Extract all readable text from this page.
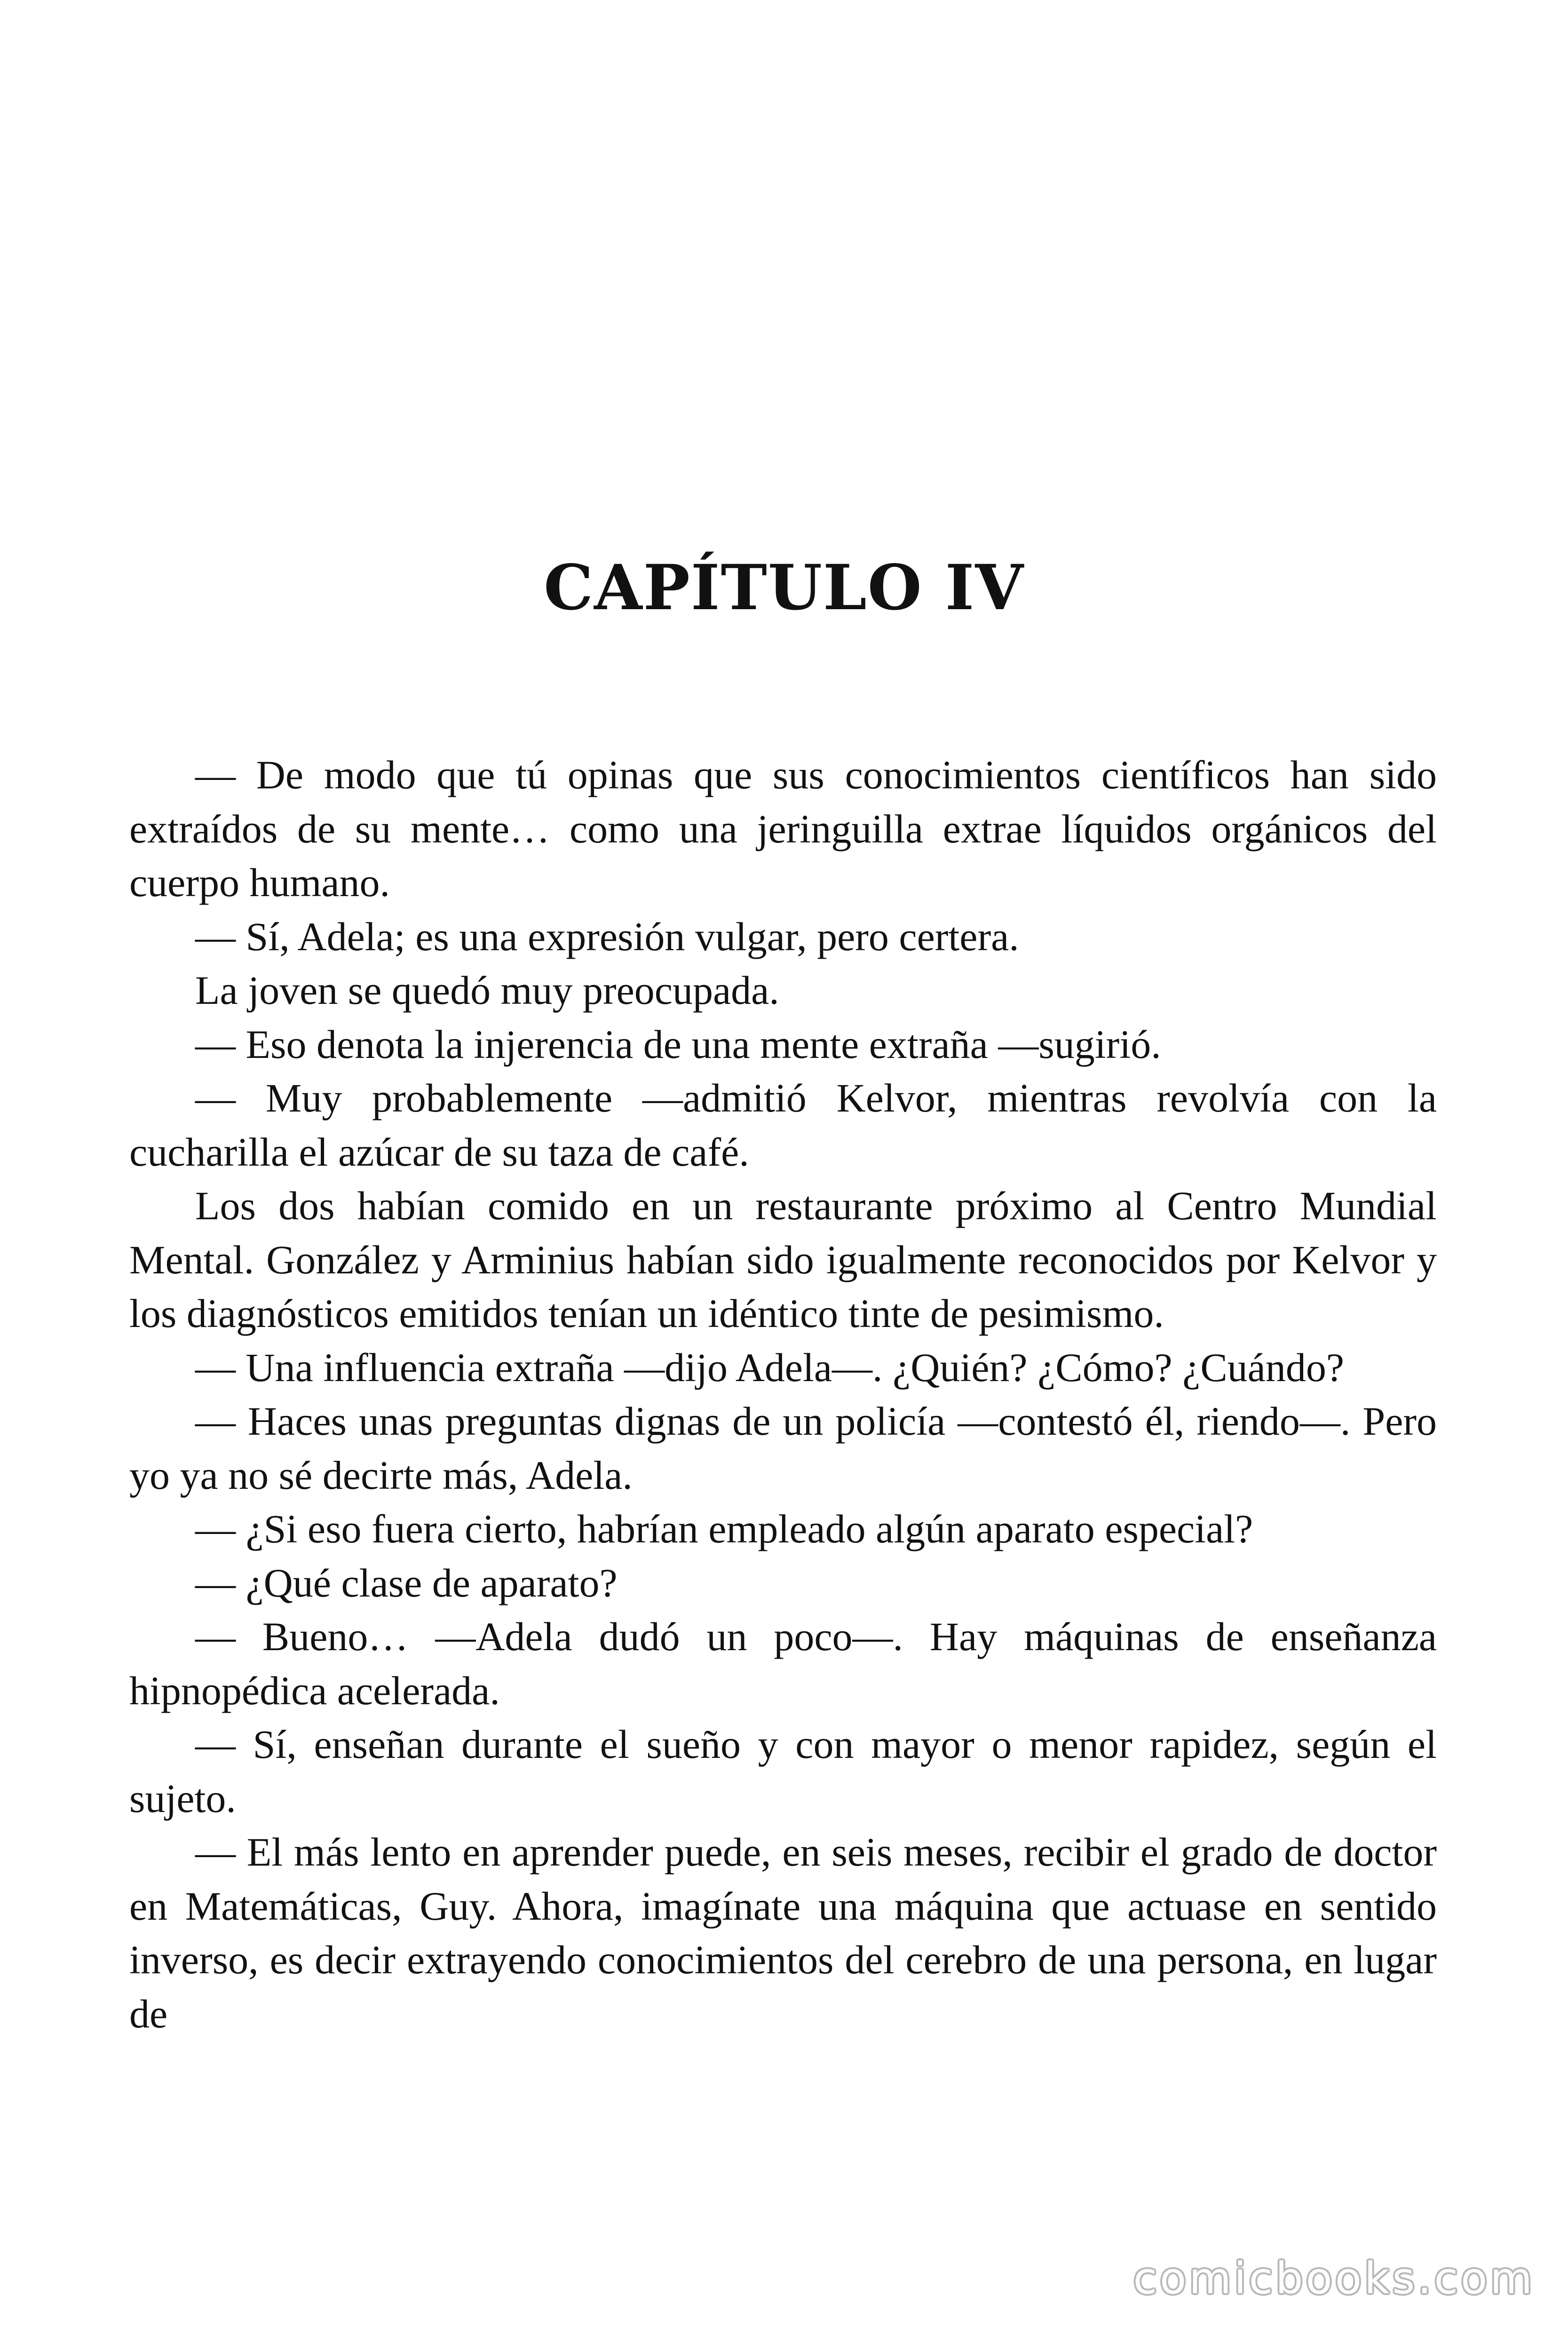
CAPÍTULO IV

— De modo que tú opinas que sus conocimientos científicos han sido extraídos de su mente… como una jeringuilla extrae líquidos orgánicos del cuerpo humano.

— Sí, Adela; es una expresión vulgar, pero certera.

La joven se quedó muy preocupada.

— Eso denota la injerencia de una mente extraña —sugirió.

— Muy probablemente —admitió Kelvor, mientras revolvía con la cucharilla el azúcar de su taza de café.

Los dos habían comido en un restaurante próximo al Centro Mundial Mental. González y Arminius habían sido igualmente reconocidos por Kelvor y los diagnósticos emitidos tenían un idéntico tinte de pesimismo.

— Una influencia extraña —dijo Adela—. ¿Quién? ¿Cómo? ¿Cuándo?

— Haces unas preguntas dignas de un policía —contestó él, riendo—. Pero yo ya no sé decirte más, Adela.

— ¿Si eso fuera cierto, habrían empleado algún aparato especial?

— ¿Qué clase de aparato?

— Bueno… —Adela dudó un poco—. Hay máquinas de enseñanza hipnopédica acelerada.

— Sí, enseñan durante el sueño y con mayor o menor rapidez, según el sujeto.

— El más lento en aprender puede, en seis meses, recibir el grado de doctor en Matemáticas, Guy. Ahora, imagínate una máquina que actuase en sentido inverso, es decir extrayendo conocimientos del cerebro de una persona, en lugar de

comicbooks.com
